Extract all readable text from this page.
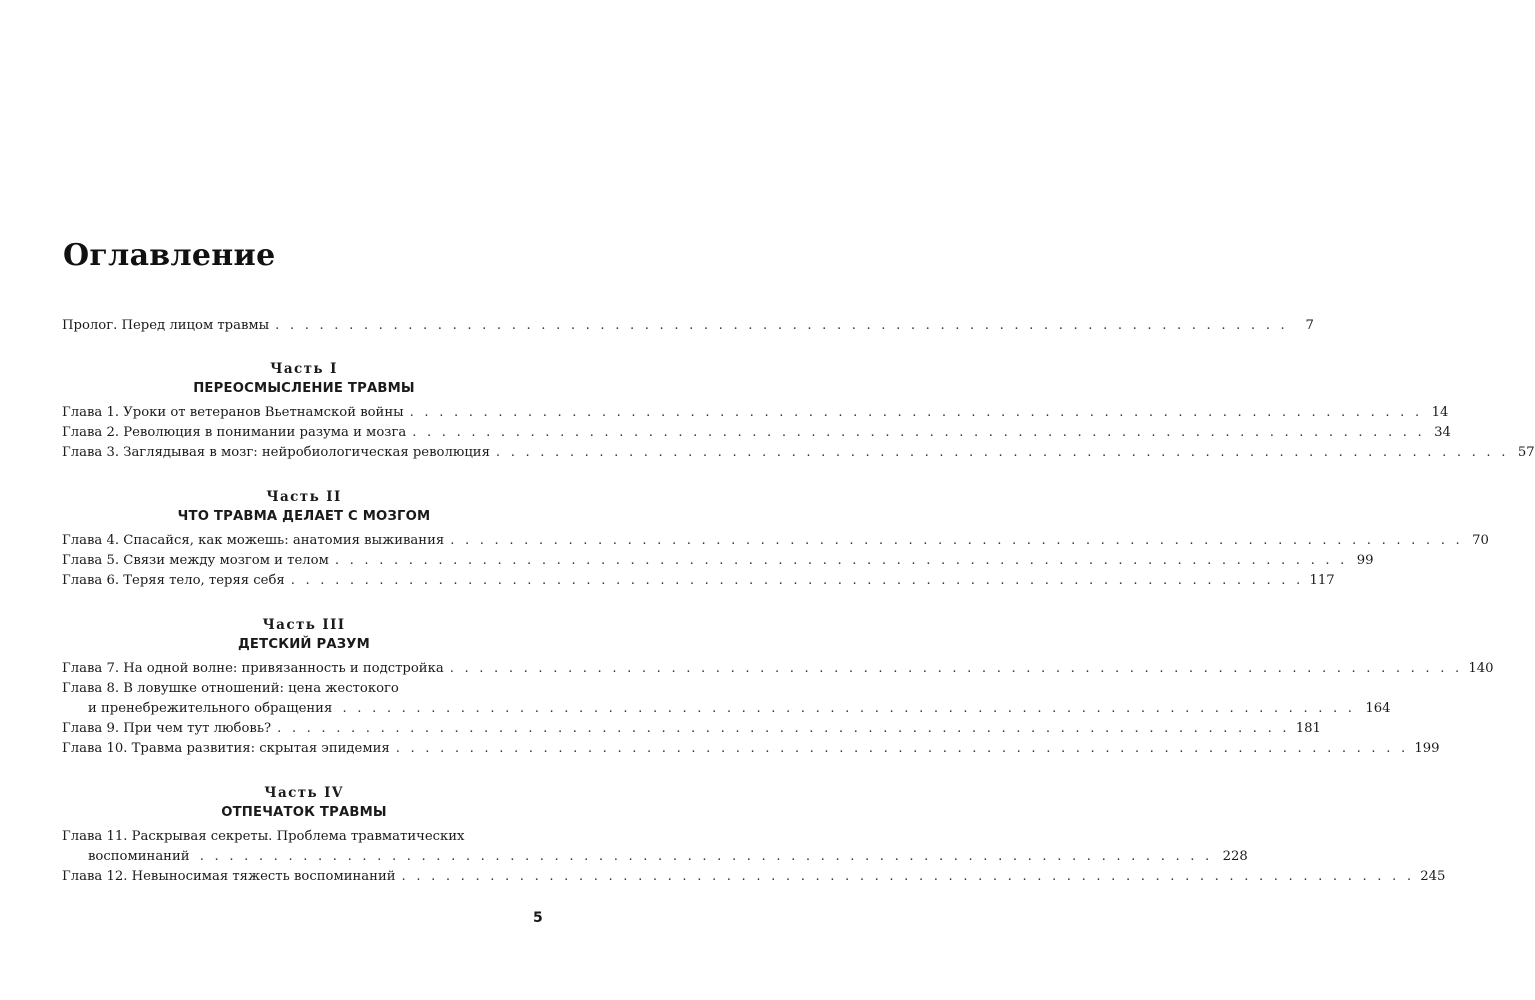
Оглавление
Пролог. Перед лицом травмы . . .	7
Часть I
ПЕРЕОСМЫСЛЕНИЕ ТРАВМЫ
Глава 1. Уроки от ветеранов Вьетнамской войны . . .	14
Глава 2. Революция в понимании разума и мозга . . .	34
Глава 3. Заглядывая в мозг: нейробиологическая революция . . .	57
Часть II
ЧТО ТРАВМА ДЕЛАЕТ С МОЗГОМ
Глава 4. Спасайся, как можешь: анатомия выживания . . .	70
Глава 5. Связи между мозгом и телом . . .	99
Глава 6. Теряя тело, теряя себя . . .	117
Часть III
ДЕТСКИЙ РАЗУМ
Глава 7. На одной волне: привязанность и подстройка . . .	140
Глава 8. В ловушке отношений: цена жестокого
и пренебрежительного обращения . . .	164
Глава 9. При чем тут любовь? . . .	181
Глава 10. Травма развития: скрытая эпидемия . . .	199
Часть IV
ОТПЕЧАТОК ТРАВМЫ
Глава 11. Раскрывая секреты. Проблема травматических
воспоминаний . . .	228
Глава 12. Невыносимая тяжесть воспоминаний . . .	245
5
